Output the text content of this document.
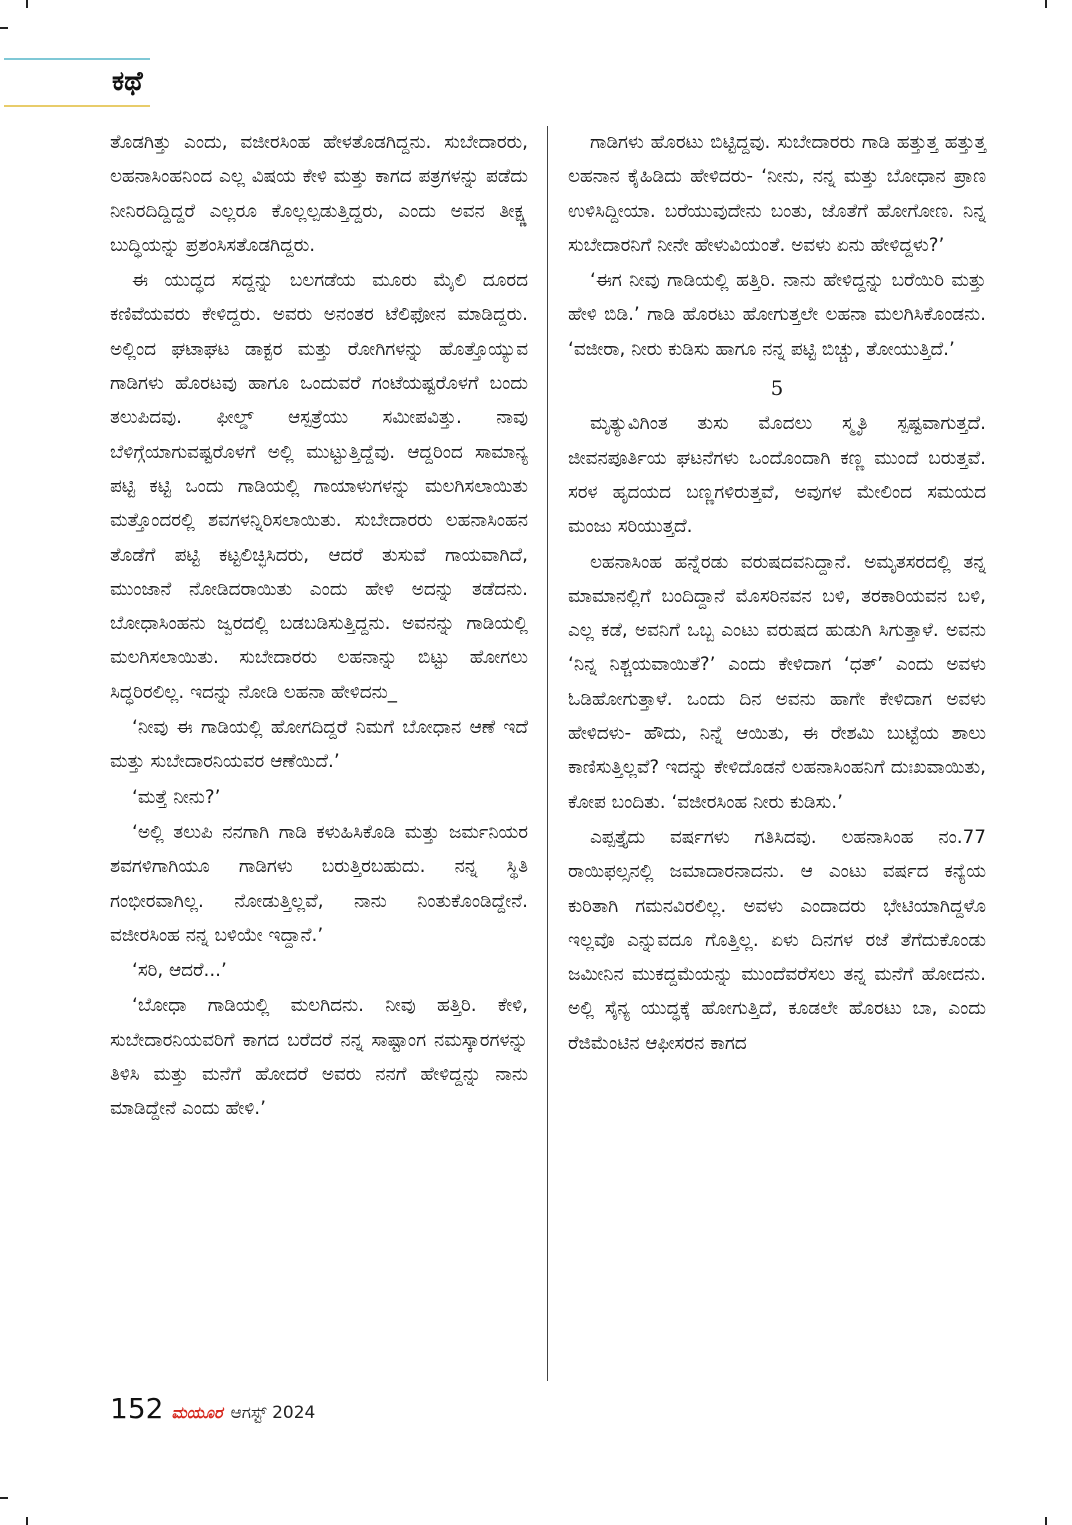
ಕಥೆ

ತೊಡಗಿತ್ತು ಎಂದು, ವಜೀರಸಿಂಹ ಹೇಳತೊಡಗಿದ್ದನು. ಸುಬೇದಾರರು, ಲಹನಾಸಿಂಹನಿಂದ ಎಲ್ಲ ವಿಷಯ ಕೇಳಿ ಮತ್ತು ಕಾಗದ ಪತ್ರಗಳನ್ನು ಪಡೆದು ನೀನಿರದಿದ್ದಿದ್ದರೆ ಎಲ್ಲರೂ ಕೊಲ್ಲಲ್ಪಡುತ್ತಿದ್ದರು, ಎಂದು ಅವನ ತೀಕ್ಷ್ಣ ಬುದ್ಧಿಯನ್ನು ಪ್ರಶಂಸಿಸತೊಡಗಿದ್ದರು.

ಈ ಯುದ್ಧದ ಸದ್ದನ್ನು ಬಲಗಡೆಯ ಮೂರು ಮೈಲಿ ದೂರದ ಕಣಿವೆಯವರು ಕೇಳಿದ್ದರು. ಅವರು ಅನಂತರ ಟೆಲಿಫೋನ ಮಾಡಿದ್ದರು. ಅಲ್ಲಿಂದ ಘಟಾಘಟ ಡಾಕ್ಟರ ಮತ್ತು ರೋಗಿಗಳನ್ನು ಹೊತ್ತೊಯ್ಯುವ ಗಾಡಿಗಳು ಹೊರಟವು ಹಾಗೂ ಒಂದುವರೆ ಗಂಟೆಯಷ್ಟರೊಳಗೆ ಬಂದು ತಲುಪಿದವು. ಫೀಲ್ಡ್ ಆಸ್ಪತ್ರೆಯು ಸಮೀಪವಿತ್ತು. ನಾವು ಬೆಳಿಗ್ಗೆಯಾಗುವಷ್ಟರೊಳಗೆ ಅಲ್ಲಿ ಮುಟ್ಟುತ್ತಿದ್ದೆವು. ಆದ್ದರಿಂದ ಸಾಮಾನ್ಯ ಪಟ್ಟಿ ಕಟ್ಟಿ ಒಂದು ಗಾಡಿಯಲ್ಲಿ ಗಾಯಾಳುಗಳನ್ನು ಮಲಗಿಸಲಾಯಿತು ಮತ್ತೊಂದರಲ್ಲಿ ಶವಗಳನ್ನಿರಿಸಲಾಯಿತು. ಸುಬೇದಾರರು ಲಹನಾಸಿಂಹನ ತೊಡೆಗೆ ಪಟ್ಟಿ ಕಟ್ಟಲಿಚ್ಛಿಸಿದರು, ಆದರೆ ತುಸುವೆ ಗಾಯವಾಗಿದೆ, ಮುಂಜಾನೆ ನೋಡಿದರಾಯಿತು ಎಂದು ಹೇಳಿ ಅದನ್ನು ತಡೆದನು. ಬೋಧಾಸಿಂಹನು ಜ್ವರದಲ್ಲಿ ಬಡಬಡಿಸುತ್ತಿದ್ದನು. ಅವನನ್ನು ಗಾಡಿಯಲ್ಲಿ ಮಲಗಿಸಲಾಯಿತು. ಸುಬೇದಾರರು ಲಹನಾನ್ನು ಬಿಟ್ಟು ಹೋಗಲು ಸಿದ್ಧರಿರಲಿಲ್ಲ. ಇದನ್ನು ನೋಡಿ ಲಹನಾ ಹೇಳಿದನು_

‘ನೀವು ಈ ಗಾಡಿಯಲ್ಲಿ ಹೋಗದಿದ್ದರೆ ನಿಮಗೆ ಬೋಧಾನ ಆಣೆ ಇದೆ ಮತ್ತು ಸುಬೇದಾರನಿಯವರ ಆಣೆಯಿದೆ.’

‘ಮತ್ತೆ ನೀನು?’

‘ಅಲ್ಲಿ ತಲುಪಿ ನನಗಾಗಿ ಗಾಡಿ ಕಳುಹಿಸಿಕೊಡಿ ಮತ್ತು ಜರ್ಮನಿಯರ ಶವಗಳಿಗಾಗಿಯೂ ಗಾಡಿಗಳು ಬರುತ್ತಿರಬಹುದು. ನನ್ನ ಸ್ಥಿತಿ ಗಂಭೀರವಾಗಿಲ್ಲ. ನೋಡುತ್ತಿಲ್ಲವೆ, ನಾನು ನಿಂತುಕೊಂಡಿದ್ದೇನೆ. ವಜೀರಸಿಂಹ ನನ್ನ ಬಳಿಯೇ ಇದ್ದಾನೆ.’

‘ಸರಿ, ಆದರೆ...’

‘ಬೋಧಾ ಗಾಡಿಯಲ್ಲಿ ಮಲಗಿದನು. ನೀವು ಹತ್ತಿರಿ. ಕೇಳಿ, ಸುಬೇದಾರನಿಯವರಿಗೆ ಕಾಗದ ಬರೆದರೆ ನನ್ನ ಸಾಷ್ಟಾಂಗ ನಮಸ್ಕಾರಗಳನ್ನು ತಿಳಿಸಿ ಮತ್ತು ಮನೆಗೆ ಹೋದರೆ ಅವರು ನನಗೆ ಹೇಳಿದ್ದನ್ನು ನಾನು ಮಾಡಿದ್ದೇನೆ ಎಂದು ಹೇಳಿ.’

ಗಾಡಿಗಳು ಹೊರಟು ಬಿಟ್ಟಿದ್ದವು. ಸುಬೇದಾರರು ಗಾಡಿ ಹತ್ತುತ್ತ ಹತ್ತುತ್ತ ಲಹನಾನ ಕೈಹಿಡಿದು ಹೇಳಿದರು- ‘ನೀನು, ನನ್ನ ಮತ್ತು ಬೋಧಾನ ಪ್ರಾಣ ಉಳಿಸಿದ್ದೀಯಾ. ಬರೆಯುವುದೇನು ಬಂತು, ಜೊತೆಗೆ ಹೋಗೋಣ. ನಿನ್ನ ಸುಬೇದಾರನಿಗೆ ನೀನೇ ಹೇಳುವಿಯಂತೆ. ಅವಳು ಏನು ಹೇಳಿದ್ದಳು?’

‘ಈಗ ನೀವು ಗಾಡಿಯಲ್ಲಿ ಹತ್ತಿರಿ. ನಾನು ಹೇಳಿದ್ದನ್ನು ಬರೆಯಿರಿ ಮತ್ತು ಹೇಳಿ ಬಿಡಿ.’ ಗಾಡಿ ಹೊರಟು ಹೋಗುತ್ತಲೇ ಲಹನಾ ಮಲಗಿಸಿಕೊಂಡನು. ‘ವಜೀರಾ, ನೀರು ಕುಡಿಸು ಹಾಗೂ ನನ್ನ ಪಟ್ಟಿ ಬಿಚ್ಚು, ತೋಯುತ್ತಿದೆ.’

5

ಮೃತ್ಯುವಿಗಿಂತ ತುಸು ಮೊದಲು ಸ್ಮೃತಿ ಸ್ಪಷ್ಟವಾಗುತ್ತದೆ. ಜೀವನಪೂರ್ತಿಯ ಘಟನೆಗಳು ಒಂದೊಂದಾಗಿ ಕಣ್ಣ ಮುಂದೆ ಬರುತ್ತವೆ. ಸರಳ ಹೃದಯದ ಬಣ್ಣಗಳಿರುತ್ತವೆ, ಅವುಗಳ ಮೇಲಿಂದ ಸಮಯದ ಮಂಜು ಸರಿಯುತ್ತದೆ.

ಲಹನಾಸಿಂಹ ಹನ್ನೆರಡು ವರುಷದವನಿದ್ದಾನೆ. ಅಮೃತಸರದಲ್ಲಿ ತನ್ನ ಮಾಮಾನಲ್ಲಿಗೆ ಬಂದಿದ್ದಾನೆ ಮೊಸರಿನವನ ಬಳಿ, ತರಕಾರಿಯವನ ಬಳಿ, ಎಲ್ಲ ಕಡೆ, ಅವನಿಗೆ ಒಬ್ಬ ಎಂಟು ವರುಷದ ಹುಡುಗಿ ಸಿಗುತ್ತಾಳೆ. ಅವನು ‘ನಿನ್ನ ನಿಶ್ಚಯವಾಯಿತೆ?’ ಎಂದು ಕೇಳಿದಾಗ ‘ಧತ್’ ಎಂದು ಅವಳು ಓಡಿಹೋಗುತ್ತಾಳೆ. ಒಂದು ದಿನ ಅವನು ಹಾಗೇ ಕೇಳಿದಾಗ ಅವಳು ಹೇಳಿದಳು- ಹೌದು, ನಿನ್ನೆ ಆಯಿತು, ಈ ರೇಶಮಿ ಬುಟ್ಟೆಯ ಶಾಲು ಕಾಣಿಸುತ್ತಿಲ್ಲವೆ? ಇದನ್ನು ಕೇಳಿದೊಡನೆ ಲಹನಾಸಿಂಹನಿಗೆ ದುಃಖವಾಯಿತು, ಕೋಪ ಬಂದಿತು. ‘ವಜೀರಸಿಂಹ ನೀರು ಕುಡಿಸು.’

ಎಪ್ಪತ್ತೈದು ವರ್ಷಗಳು ಗತಿಸಿದವು. ಲಹನಾಸಿಂಹ ನಂ.77 ರಾಯಿಫಲ್ಸನಲ್ಲಿ ಜಮಾದಾರನಾದನು. ಆ ಎಂಟು ವರ್ಷದ ಕನ್ಯೆಯ ಕುರಿತಾಗಿ ಗಮನವಿರಲಿಲ್ಲ. ಅವಳು ಎಂದಾದರು ಭೇಟಿಯಾಗಿದ್ದಳೊ ಇಲ್ಲವೊ ಎನ್ನುವದೂ ಗೊತ್ತಿಲ್ಲ. ಏಳು ದಿನಗಳ ರಜೆ ತೆಗೆದುಕೊಂಡು ಜಮೀನಿನ ಮುಕದ್ದಮೆಯನ್ನು ಮುಂದೆವರೆಸಲು ತನ್ನ ಮನೆಗೆ ಹೋದನು. ಅಲ್ಲಿ ಸೈನ್ಯ ಯುದ್ಧಕ್ಕೆ ಹೋಗುತ್ತಿದೆ, ಕೂಡಲೇ ಹೊರಟು ಬಾ, ಎಂದು ರೆಜಿಮೆಂಟಿನ ಆಫೀಸರನ ಕಾಗದ

152 ಮಯೂರ ಆಗಸ್ಟ್ 2024
